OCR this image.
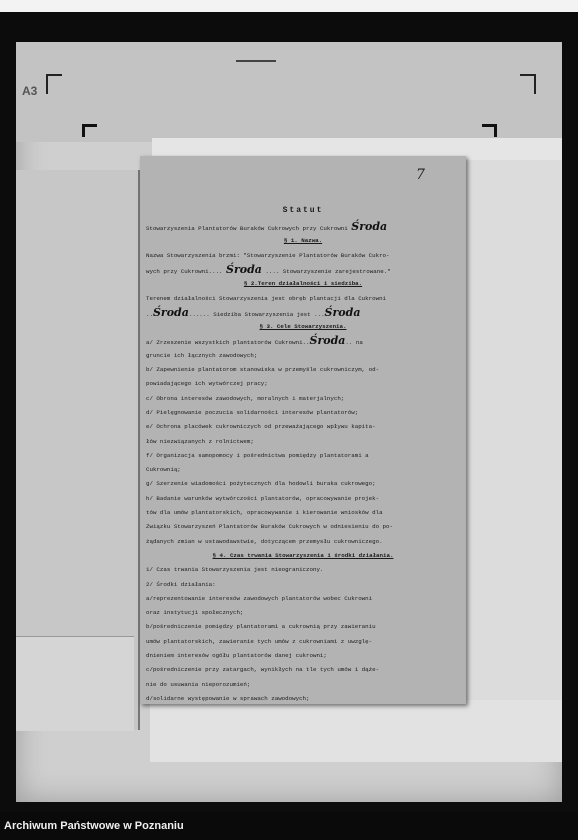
A3
7
Statut
Stowarzyszenia Plantatorów Buraków Cukrowych przy Cukrowni Środa
§ 1. Nazwa.
Nazwa Stowarzyszenia brzmi: "Stowarzyszenie Plantatorów Buraków Cukro-
wych przy Cukrowni.... Środa .... Stowarzyszenie zarejestrowane."
§ 2.Teren działalności i siedziba.
Terenem działalności Stowarzyszenia jest obręb plantacji dla Cukrowni
..Środa...... Siedziba Stowarzyszenia jest ...Środa
§ 3. Cele Stowarzyszenia.
a/ Zrzeszenie wszystkich plantatorów Cukrowni..Środa.. na
gruncie ich łącznych zawodowych;
b/ Zapewnienie plantatorom stanowiska w przemyśle cukrowniczym, od-
powiadającego ich wytwórczej pracy;
c/ Obrona interesów zawodowych, moralnych i materjalnych;
d/ Pielęgnowanie poczucia solidarności interesów plantatorów;
e/ Ochrona placówek cukrowniczych od przeważającego wpływu kapita-
łów niezwiązanych z rolnictwem;
f/ Organizacja samopomocy i pośrednictwa pomiędzy plantatorami a
Cukrownią;
g/ Szerzenie wiadomości pożytecznych dla hodowli buraka cukrowego;
h/ Badanie warunków wytwórczości plantatorów, opracowywanie projek-
tów dla umów plantatorskich, opracowywanie i kierowanie wniosków dla
Związku Stowarzyszeń Plantatorów Buraków Cukrowych w odniesieniu do po-
żądanych zmian w ustawodawstwie, dotyczącem przemysłu cukrowniczego.
§ 4. Czas trwania Stowarzyszenia i środki działania.
1/ Czas trwania Stowarzyszenia jest nieograniczony.
2/ Środki działania:
a/reprezentowanie interesów zawodowych plantatorów wobec Cukrowni
oraz instytucji społecznych;
b/pośredniczenie pomiędzy plantatorami a cukrownią przy zawieraniu
umów plantatorskich, zawieranie tych umów z cukrowniami z uwzglę-
dnieniem interesów ogółu plantatorów danej cukrowni;
c/pośredniczenie przy zatargach, wynikłych na tle tych umów i dąże-
nie do usuwania nieporozumień;
d/solidarne występowanie w sprawach zawodowych;
Archiwum Państwowe w Poznaniu
